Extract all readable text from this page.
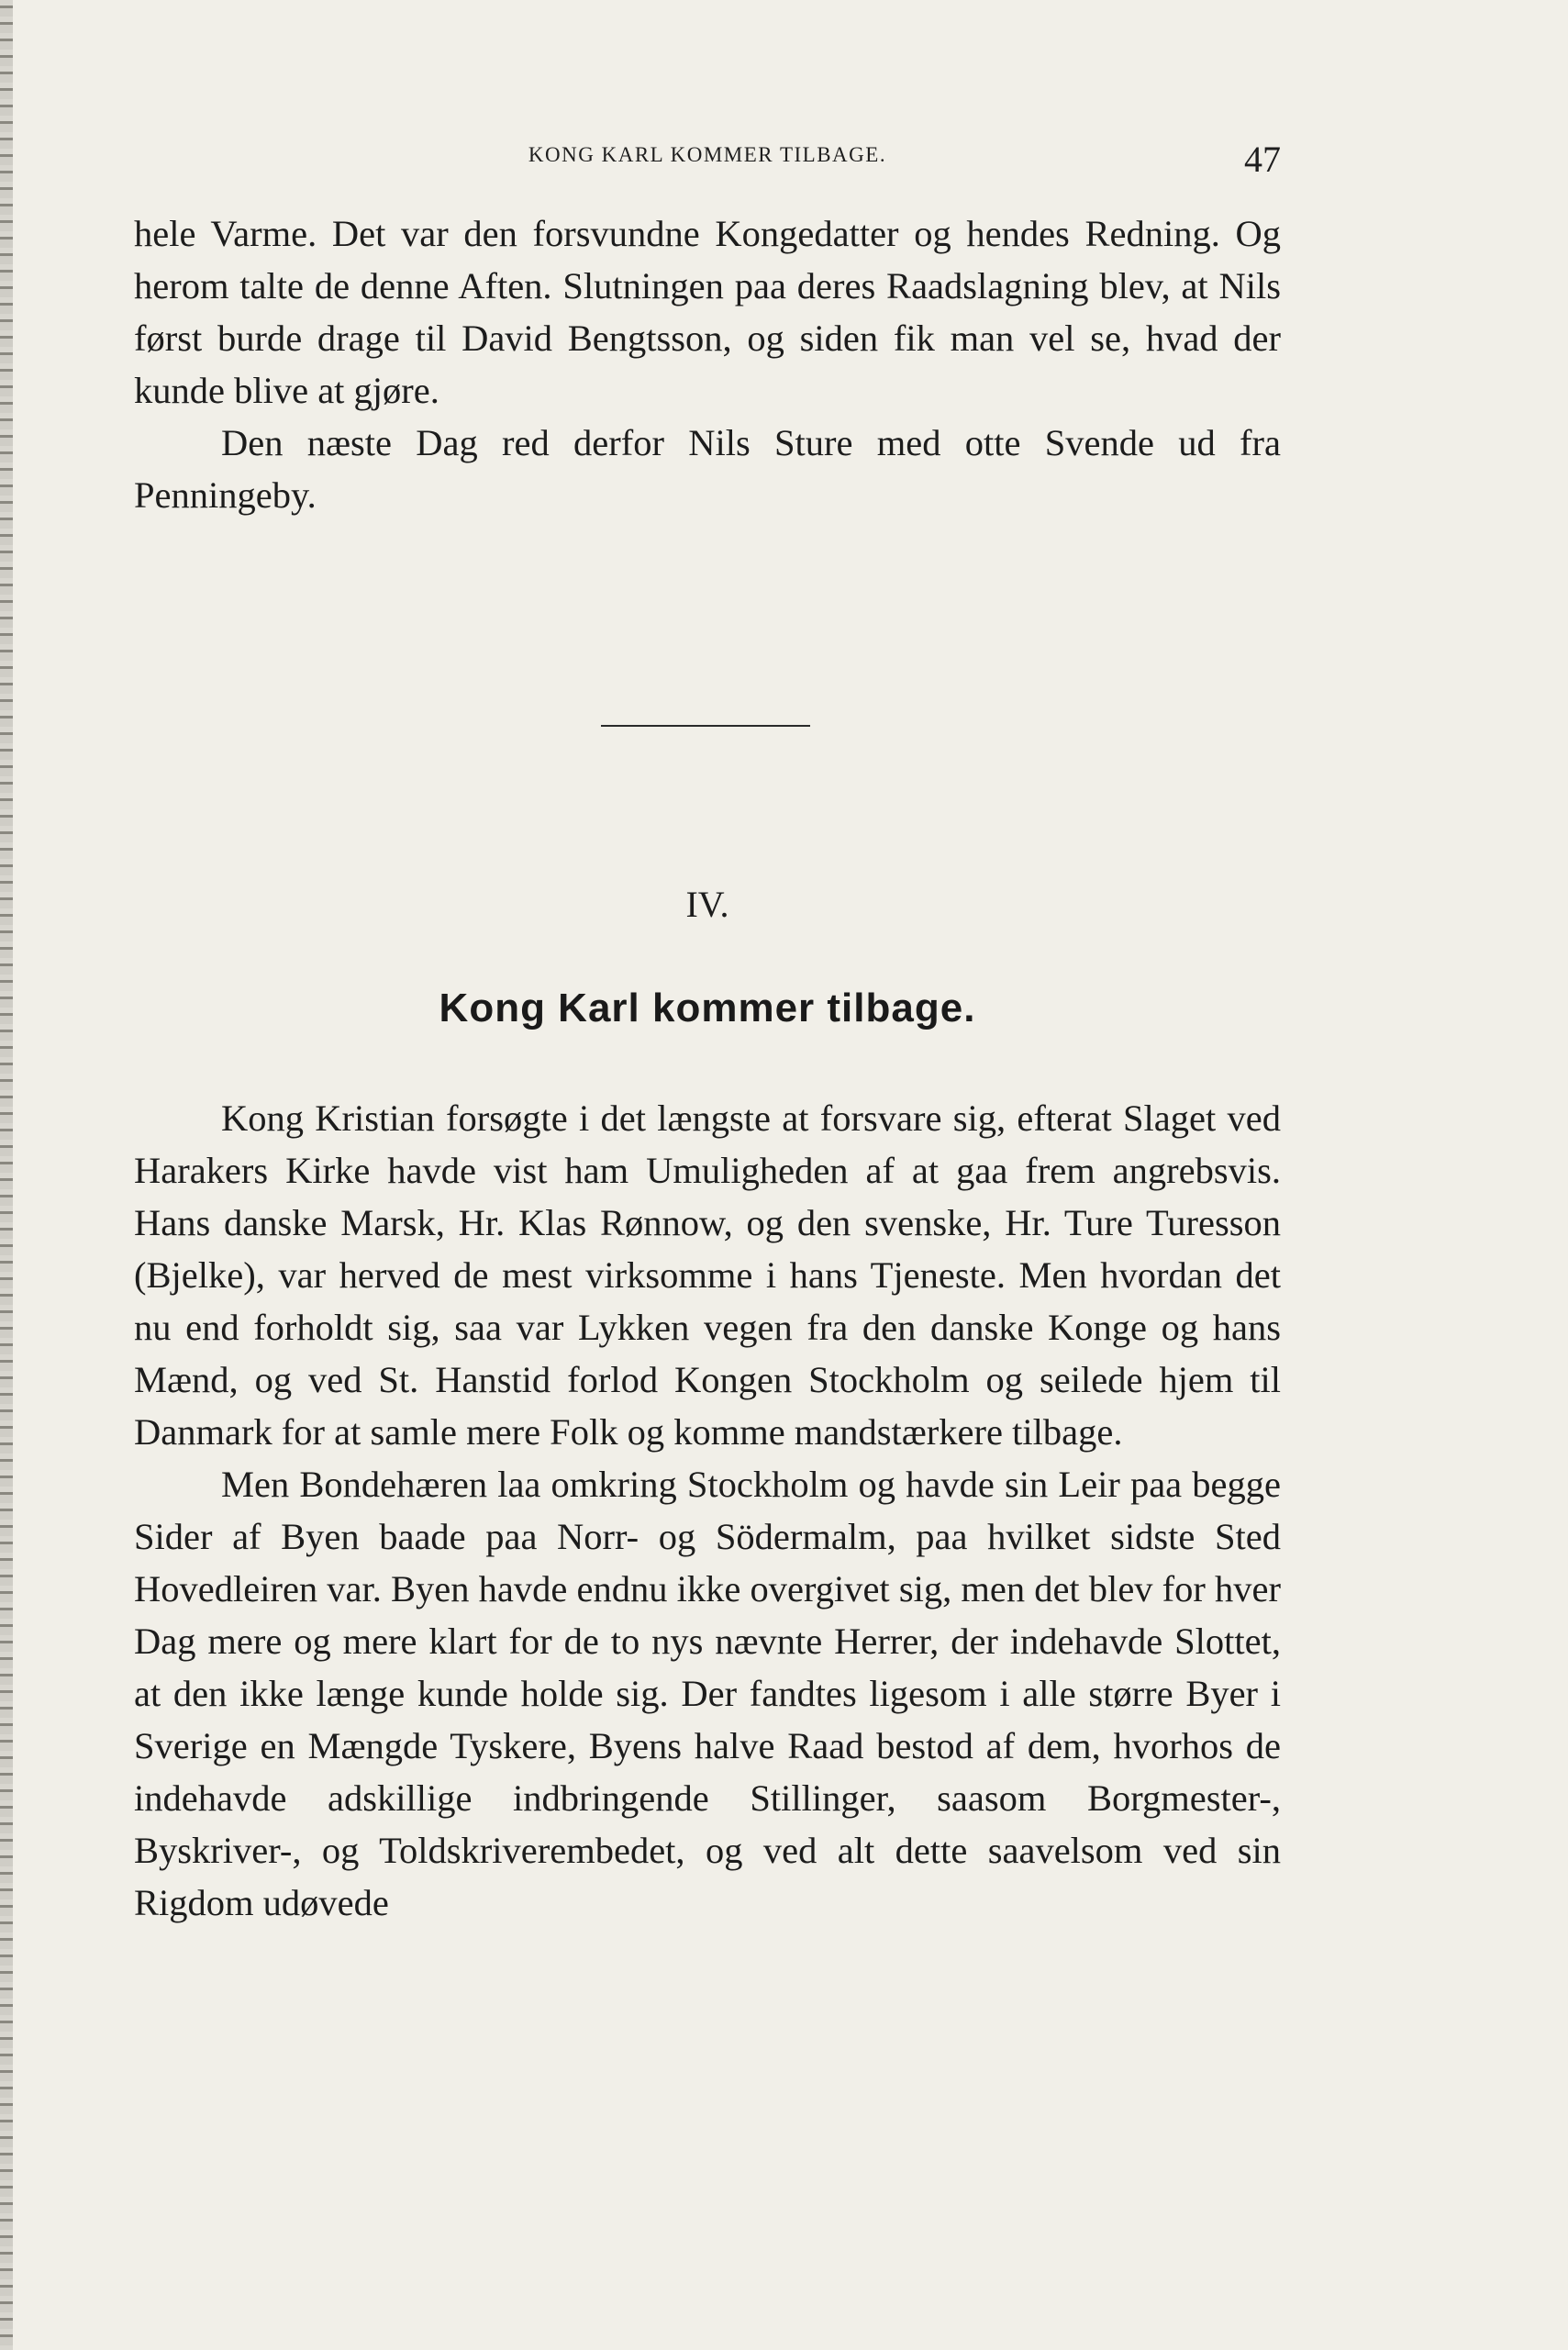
KONG KARL KOMMER TILBAGE.	47

hele Varme. Det var den forsvundne Kongedatter og hendes Redning. Og herom talte de denne Aften. Slutningen paa deres Raadslagning blev, at Nils først burde drage til David Bengtsson, og siden fik man vel se, hvad der kunde blive at gjøre.

Den næste Dag red derfor Nils Sture med otte Svende ud fra Penningeby.

IV.
Kong Karl kommer tilbage.

Kong Kristian forsøgte i det længste at forsvare sig, efterat Slaget ved Harakers Kirke havde vist ham Umuligheden af at gaa frem angrebsvis. Hans danske Marsk, Hr. Klas Rønnow, og den svenske, Hr. Ture Turesson (Bjelke), var herved de mest virksomme i hans Tjeneste. Men hvordan det nu end forholdt sig, saa var Lykken vegen fra den danske Konge og hans Mænd, og ved St. Hanstid forlod Kongen Stockholm og seilede hjem til Danmark for at samle mere Folk og komme mandstærkere tilbage.

Men Bondehæren laa omkring Stockholm og havde sin Leir paa begge Sider af Byen baade paa Norr- og Södermalm, paa hvilket sidste Sted Hovedleiren var. Byen havde endnu ikke overgivet sig, men det blev for hver Dag mere og mere klart for de to nys nævnte Herrer, der indehavde Slottet, at den ikke længe kunde holde sig. Der fandtes ligesom i alle større Byer i Sverige en Mængde Tyskere, Byens halve Raad bestod af dem, hvorhos de indehavde adskillige indbringende Stillinger, saasom Borgmester-, Byskriver-, og Toldskriverembedet, og ved alt dette saavelsom ved sin Rigdom udøvede
